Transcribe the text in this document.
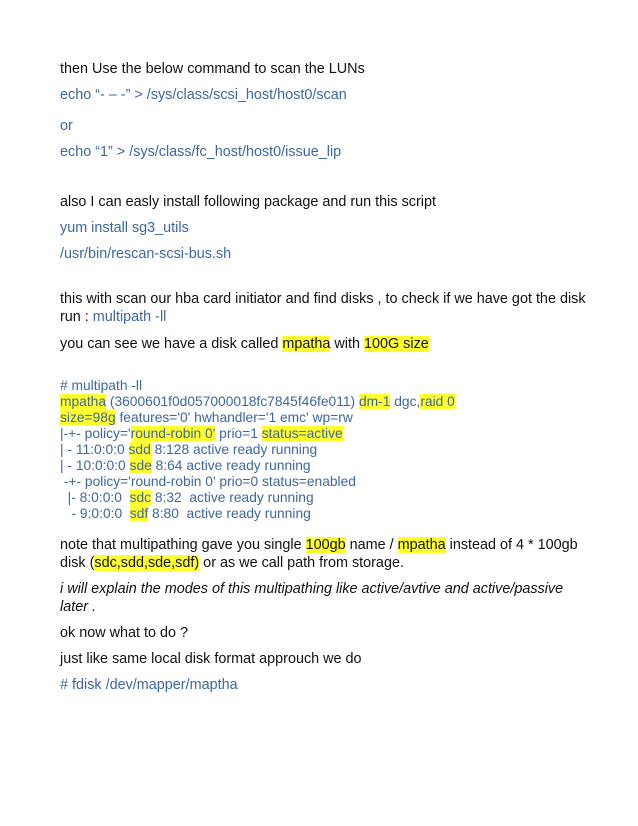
then Use the below command to scan the LUNs

echo “- – -” > /sys/class/scsi_host/host0/scan

or

echo “1” > /sys/class/fc_host/host0/issue_lip

also I can easly install following package and run this script

yum install sg3_utils

/usr/bin/rescan-scsi-bus.sh

this with scan our hba card initiator and find disks , to check if we have got the disk

run : multipath -ll

you can see we have a disk called mpatha with 100G size

# multipath -ll

mpatha (3600601f0d057000018fc7845f46fe011) dm-1 dgc,raid 0

size=98g features='0' hwhandler='1 emc' wp=rw

|-+- policy='round-robin 0' prio=1 status=active

| - 11:0:0:0 sdd 8:128 active ready running

| - 10:0:0:0 sde 8:64 active ready running

-+- policy='round-robin 0' prio=0 status=enabled

|- 8:0:0:0  sdc 8:32  active ready running

- 9:0:0:0  sdf 8:80  active ready running

note that multipathing gave you single 100gb name / mpatha instead of 4 * 100gb

disk (sdc,sdd,sde,sdf) or as we call path from storage.

i will explain the modes of this multipathing like active/avtive and active/passive

later .

ok now what to do ?

just like same local disk format approuch we do

# fdisk /dev/mapper/maptha
